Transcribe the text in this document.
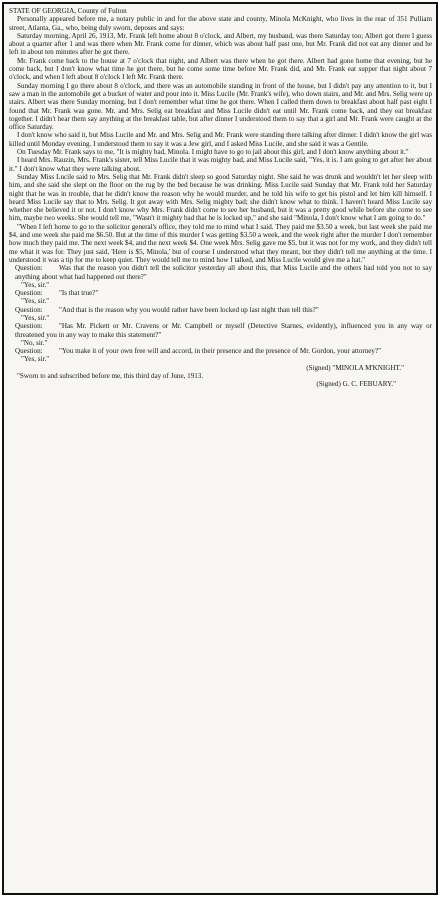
STATE OF GEORGIA, County of Fulton

Personally appeared before me, a notary public in and for the above state and county, Minola McKnight, who lives in the rear of 351 Pulliam street, Atlanta, Ga., who, being duly sworn, deposes and says:

Saturday morning, April 26, 1913, Mr. Frank left home about 8 o'clock, and Albert, my husband, was there Saturday too; Albert got there I guess about a quarter after 1 and was there when Mr. Frank come for dinner, which was about half past one, but Mr. Frank did not eat any dinner and he left in about ten minutes after he got there.

Mr. Frank come back to the house at 7 o'clock that night, and Albert was there when he got there. Albert had gone home that evening, but he come back, but I don't know what time he got there, but he come some time before Mr. Frank did, and Mr. Frank eat supper that night about 7 o'clock, and when I left about 8 o'clock I left Mr. Frank there.

Sunday morning I go there about 8 o'clock, and there was an automobile standing in front of the house, but I didn't pay any attention to it, but I saw a man in the automobile get a bucket of water and pour into it. Miss Lucile (Mr. Frank's wife), who down stairs, and Mr. and Mrs. Selig were up stairs. Albert was there Sunday morning, but I don't remember what time he got there. When I called them down to breakfast about half past eight I found that Mr. Frank was gone. Mr. and Mrs. Selig eat breakfast and Miss Lucile didn't eat until Mr. Frank come back, and they eat breakfast together. I didn't hear them say anything at the breakfast table, but after dinner I understood them to say that a girl and Mr. Frank were caught at the office Saturday.

I don't know who said it, but Miss Lucile and Mr. and Mrs. Selig and Mr. Frank were standing there talking after dinner. I didn't know the girl was killed until Monday evening. I understood them to say it was a Jew girl, and I asked Miss Lucile, and she said it was a Gentile.

On Tuesday Mr. Frank says to me, "It is mighty bad, Minola. I might have to go to jail about this girl, and I don't know anything about it."

I heard Mrs. Rauzin, Mrs. Frank's sister, tell Miss Lucile that it was mighty bad, and Miss Lucile said, "Yes, it is. I am going to get after her about it." I don't know what they were talking about.

Sunday Miss Lucile said to Mrs. Selig that Mr. Frank didn't sleep so good Saturday night. She said he was drunk and wouldn't let her sleep with him, and she said she slept on the floor on the rug by the bed because he was drinking. Miss Lucile said Sunday that Mr. Frank told her Saturday night that he was in trouble, that he didn't know the reason why he would murder, and he told his wife to get his pistol and let him kill himself. I heard Miss Lucile say that to Mrs. Selig. It got away with Mrs. Selig mighty bad; she didn't know what to think. I haven't heard Miss Lucile say whether she believed it or not. I don't know why Mrs. Frank didn't come to see her husband, but it was a pretty good while before she come to see him, maybe two weeks. She would tell me, "Wasn't it mighty bad that he is locked up," and she said "Minola, I don't know what I am going to do."

"When I left home to go to the solicitor general's office, they told me to mind what I said. They paid me $3.50 a week, but last week she paid me $4, and one week she paid me $6.50. But at the time of this murder I was getting $3.50 a week, and the week right after the murder I don't remember how much they paid me. The next week $4, and the next week $4. One week Mrs. Selig gave me $5, but it was not for my work, and they didn't tell me what it was for. They just said, 'Here is $5, Minola,' but of course I understood what they meant, but they didn't tell me anything at the time. I understood it was a tip for me to keep quiet. They would tell me to mind how I talked, and Miss Lucile would give me a hat."

Question: Was that the reason you didn't tell the solicitor yesterday all about this, that Miss Lucile and the others had told you not to say anything about what had happened out there?"
"Yes, sir."
Question: "Is that true?"
"Yes, sir."
Question: "And that is the reason why you would rather have been locked up last night than tell this?"
"Yes, sir."
Question: "Has Mr. Pickett or Mr. Cravens or Mr. Campbell or myself (Detective Starnes, evidently), influenced you in any way or threatened you in any way to make this statement?"
"No, sir."
Question: "You make it of your own free will and accord, in their presence and the presence of Mr. Gordon, your attorney?"
"Yes, sir."

(Signed) "MINOLA M'KNIGHT."

"Sworn to and subscribed before me, this third day of June, 1913.

(Signed) G. C. FEBUARY."
